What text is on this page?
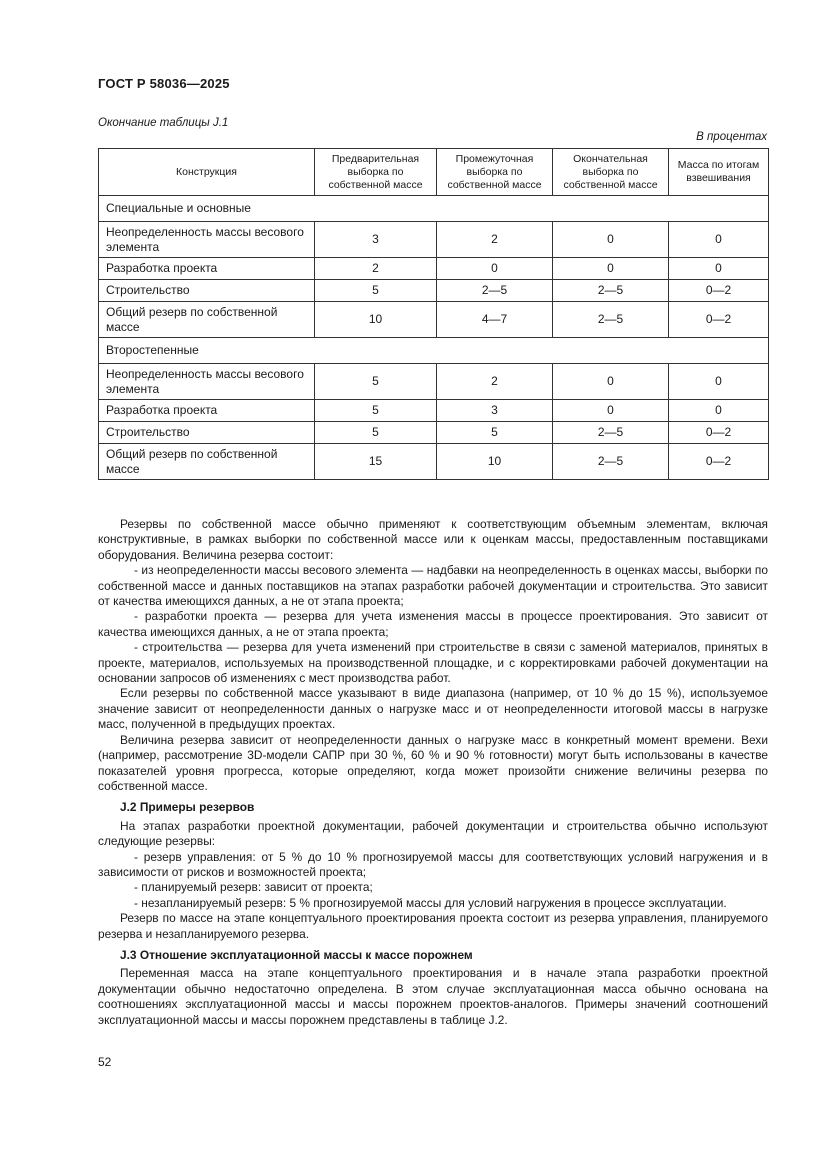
ГОСТ Р 58036—2025
Окончание таблицы J.1
В процентах
Конструкция	Предварительная выборка по собственной массе	Промежуточная выборка по собственной массе	Окончательная выборка по собственной массе	Масса по итогам взвешивания
Специальные и основные				
Неопределенность массы весового элемента	3	2	0	0
Разработка проекта	2	0	0	0
Строительство	5	2—5	2—5	0—2
Общий резерв по собственной массе	10	4—7	2—5	0—2
Второстепенные				
Неопределенность массы весового элемента	5	2	0	0
Разработка проекта	5	3	0	0
Строительство	5	5	2—5	0—2
Общий резерв по собственной массе	15	10	2—5	0—2

Резервы по собственной массе обычно применяют к соответствующим объемным элементам, включая конструктивные, в рамках выборки по собственной массе или к оценкам массы, предоставленным поставщиками оборудования. Величина резерва состоит:

- из неопределенности массы весового элемента — надбавки на неопределенность в оценках массы, выборки по собственной массе и данных поставщиков на этапах разработки рабочей документации и строительства. Это зависит от качества имеющихся данных, а не от этапа проекта;

- разработки проекта — резерва для учета изменения массы в процессе проектирования. Это зависит от качества имеющихся данных, а не от этапа проекта;

- строительства — резерва для учета изменений при строительстве в связи с заменой материалов, принятых в проекте, материалов, используемых на производственной площадке, и с корректировками рабочей документации на основании запросов об изменениях с мест производства работ.

Если резервы по собственной массе указывают в виде диапазона (например, от 10 % до 15 %), используемое значение зависит от неопределенности данных о нагрузке масс и от неопределенности итоговой массы в нагрузке масс, полученной в предыдущих проектах.

Величина резерва зависит от неопределенности данных о нагрузке масс в конкретный момент времени. Вехи (например, рассмотрение 3D-модели САПР при 30 %, 60 % и 90 % готовности) могут быть использованы в качестве показателей уровня прогресса, которые определяют, когда может произойти снижение величины резерва по собственной массе.

J.2 Примеры резервов

На этапах разработки проектной документации, рабочей документации и строительства обычно используют следующие резервы:

- резерв управления: от 5 % до 10 % прогнозируемой массы для соответствующих условий нагружения и в зависимости от рисков и возможностей проекта;

- планируемый резерв: зависит от проекта;

- незапланируемый резерв: 5 % прогнозируемой массы для условий нагружения в процессе эксплуатации.

Резерв по массе на этапе концептуального проектирования проекта состоит из резерва управления, планируемого резерва и незапланируемого резерва.

J.3 Отношение эксплуатационной массы к массе порожнем

Переменная масса на этапе концептуального проектирования и в начале этапа разработки проектной документации обычно недостаточно определена. В этом случае эксплуатационная масса обычно основана на соотношениях эксплуатационной массы и массы порожнем проектов-аналогов. Примеры значений соотношений эксплуатационной массы и массы порожнем представлены в таблице J.2.

52
